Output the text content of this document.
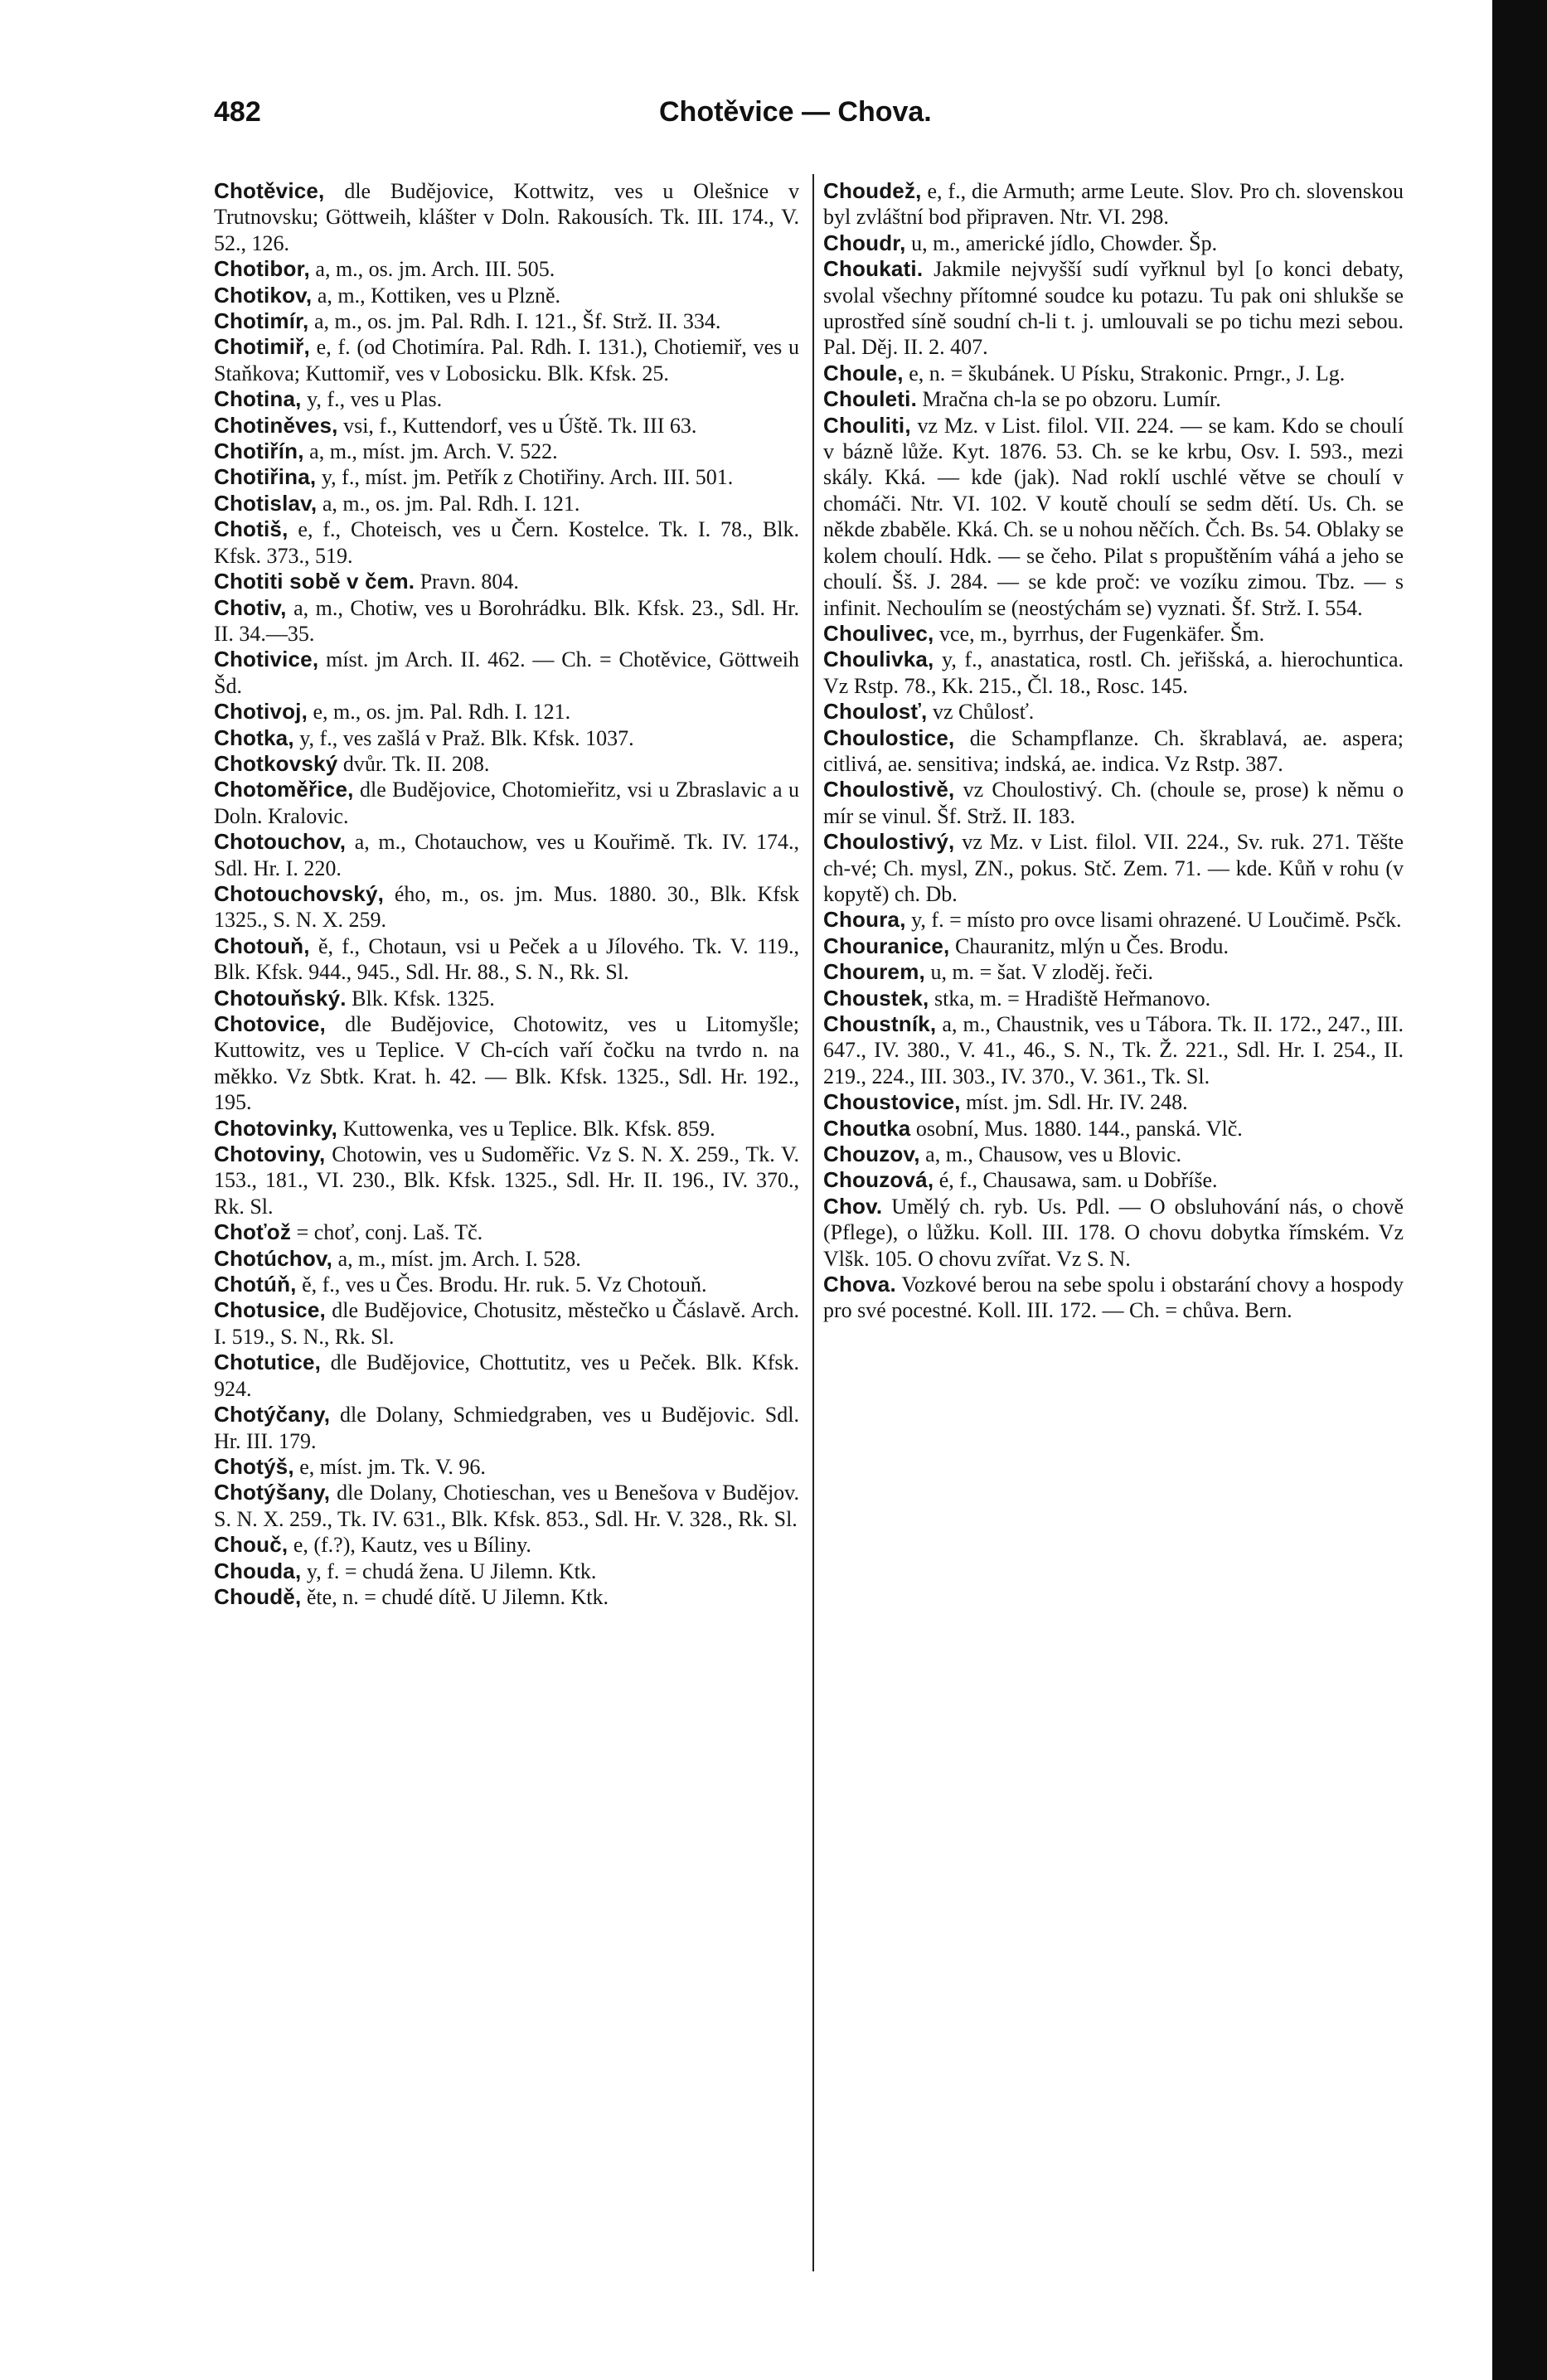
482	Chotěvice — Chova.

Chotěvice, dle Budějovice, Kottwitz, ves u Olešnice v Trutnovsku; Göttweih, klášter v Doln. Rakousích. Tk. III. 174., V. 52., 126.

Chotibor, a, m., os. jm. Arch. III. 505.

Chotikov, a, m., Kottiken, ves u Plzně.

Chotimír, a, m., os. jm. Pal. Rdh. I. 121., Šf. Strž. II. 334.

Chotimiř, e, f. (od Chotimíra. Pal. Rdh. I. 131.), Chotiemiř, ves u Staňkova; Kuttomiř, ves v Lobosicku. Blk. Kfsk. 25.

Chotina, y, f., ves u Plas.

Chotiněves, vsi, f., Kuttendorf, ves u Úště. Tk. III 63.

Chotiřín, a, m., míst. jm. Arch. V. 522.

Chotiřina, y, f., míst. jm. Petřík z Chotiřiny. Arch. III. 501.

Chotislav, a, m., os. jm. Pal. Rdh. I. 121.

Chotiš, e, f., Choteisch, ves u Čern. Kostelce. Tk. I. 78., Blk. Kfsk. 373., 519.

Chotiti sobě v čem. Pravn. 804.

Chotiv, a, m., Chotiw, ves u Borohrádku. Blk. Kfsk. 23., Sdl. Hr. II. 34.—35.

Chotivice, míst. jm Arch. II. 462. — Ch. = Chotěvice, Göttweih Šd.

Chotivoj, e, m., os. jm. Pal. Rdh. I. 121.

Chotka, y, f., ves zašlá v Praž. Blk. Kfsk. 1037.

Chotkovský dvůr. Tk. II. 208.

Chotoměřice, dle Budějovice, Chotomieřitz, vsi u Zbraslavic a u Doln. Kralovic.

Chotouchov, a, m., Chotauchow, ves u Kouřimě. Tk. IV. 174., Sdl. Hr. I. 220.

Chotouchovský, ého, m., os. jm. Mus. 1880. 30., Blk. Kfsk 1325., S. N. X. 259.

Chotouň, ě, f., Chotaun, vsi u Peček a u Jílového. Tk. V. 119., Blk. Kfsk. 944., 945., Sdl. Hr. 88., S. N., Rk. Sl.

Chotouňský. Blk. Kfsk. 1325.

Chotovice, dle Budějovice, Chotowitz, ves u Litomyšle; Kuttowitz, ves u Teplice. V Ch-cích vaří čočku na tvrdo n. na měkko. Vz Sbtk. Krat. h. 42. — Blk. Kfsk. 1325., Sdl. Hr. 192., 195.

Chotovinky, Kuttowenka, ves u Teplice. Blk. Kfsk. 859.

Chotoviny, Chotowin, ves u Sudoměřic. Vz S. N. X. 259., Tk. V. 153., 181., VI. 230., Blk. Kfsk. 1325., Sdl. Hr. II. 196., IV. 370., Rk. Sl.

Choťož = choť, conj. Laš. Tč.

Chotúchov, a, m., míst. jm. Arch. I. 528.

Chotúň, ě, f., ves u Čes. Brodu. Hr. ruk. 5. Vz Chotouň.

Chotusice, dle Budějovice, Chotusitz, městečko u Čáslavě. Arch. I. 519., S. N., Rk. Sl.

Chotutice, dle Budějovice, Chottutitz, ves u Peček. Blk. Kfsk. 924.

Chotýčany, dle Dolany, Schmiedgraben, ves u Budějovic. Sdl. Hr. III. 179.

Chotýš, e, míst. jm. Tk. V. 96.

Chotýšany, dle Dolany, Chotieschan, ves u Benešova v Budějov. S. N. X. 259., Tk. IV. 631., Blk. Kfsk. 853., Sdl. Hr. V. 328., Rk. Sl.

Chouč, e, (f.?), Kautz, ves u Bíliny.

Chouda, y, f. = chudá žena. U Jilemn. Ktk.

Choudě, ěte, n. = chudé dítě. U Jilemn. Ktk.

Choudež, e, f., die Armuth; arme Leute. Slov. Pro ch. slovenskou byl zvláštní bod připraven. Ntr. VI. 298.

Choudr, u, m., americké jídlo, Chowder. Šp.

Choukati. Jakmile nejvyšší sudí vyřknul byl [o konci debaty, svolal všechny přítomné soudce ku potazu. Tu pak oni shlukše se uprostřed síně soudní ch-li t. j. umlouvali se po tichu mezi sebou. Pal. Děj. II. 2. 407.

Choule, e, n. = škubánek. U Písku, Strakonic. Prngr., J. Lg.

Chouleti. Mračna ch-la se po obzoru. Lumír.

Chouliti, vz Mz. v List. filol. VII. 224. — se kam. Kdo se choulí v bázně lůže. Kyt. 1876. 53. Ch. se ke krbu, Osv. I. 593., mezi skály. Kká. — kde (jak). Nad roklí uschlé větve se choulí v chomáči. Ntr. VI. 102. V koutě choulí se sedm dětí. Us. Ch. se někde zbaběle. Kká. Ch. se u nohou něčích. Čch. Bs. 54. Oblaky se kolem choulí. Hdk. — se čeho. Pilat s propuštěním váhá a jeho se choulí. Šš. J. 284. — se kde proč: ve vozíku zimou. Tbz. — s infinit. Nechoulím se (neostýchám se) vyznati. Šf. Strž. I. 554.

Choulivec, vce, m., byrrhus, der Fugenkäfer. Šm.

Choulivka, y, f., anastatica, rostl. Ch. jeřišská, a. hierochuntica. Vz Rstp. 78., Kk. 215., Čl. 18., Rosc. 145.

Choulosť, vz Chůlosť.

Choulostice, die Schampflanze. Ch. škrablavá, ae. aspera; citlivá, ae. sensitiva; indská, ae. indica. Vz Rstp. 387.

Choulostivě, vz Choulostivý. Ch. (choule se, prose) k němu o mír se vinul. Šf. Strž. II. 183.

Choulostivý, vz Mz. v List. filol. VII. 224., Sv. ruk. 271. Těšte ch-vé; Ch. mysl, ZN., pokus. Stč. Zem. 71. — kde. Kůň v rohu (v kopytě) ch. Db.

Choura, y, f. = místo pro ovce lisami ohrazené. U Loučimě. Psčk.

Chouranice, Chauranitz, mlýn u Čes. Brodu.

Chourem, u, m. = šat. V zloděj. řeči.

Choustek, stka, m. = Hradiště Heřmanovo.

Choustník, a, m., Chaustnik, ves u Tábora. Tk. II. 172., 247., III. 647., IV. 380., V. 41., 46., S. N., Tk. Ž. 221., Sdl. Hr. I. 254., II. 219., 224., III. 303., IV. 370., V. 361., Tk. Sl.

Choustovice, míst. jm. Sdl. Hr. IV. 248.

Choutka osobní, Mus. 1880. 144., panská. Vlč.

Chouzov, a, m., Chausow, ves u Blovic.

Chouzová, é, f., Chausawa, sam. u Dobříše.

Chov. Umělý ch. ryb. Us. Pdl. — O obsluhování nás, o chově (Pflege), o lůžku. Koll. III. 178. O chovu dobytka římském. Vz Vlšk. 105. O chovu zvířat. Vz S. N.

Chova. Vozkové berou na sebe spolu i obstarání chovy a hospody pro své pocestné. Koll. III. 172. — Ch. = chůva. Bern.
